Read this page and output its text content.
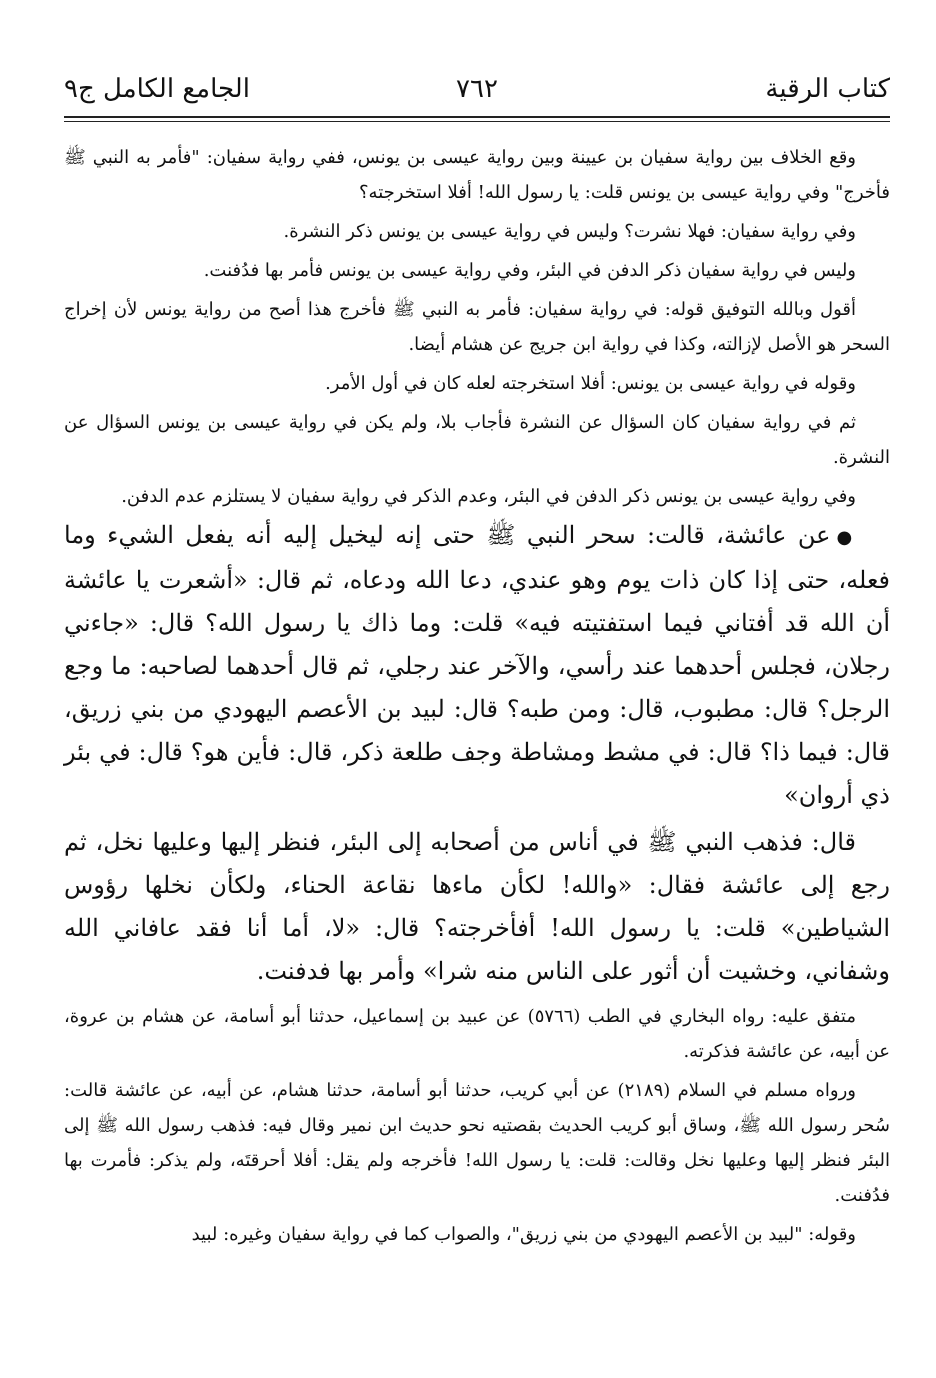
كتاب الرقية
٧٦٢
الجامع الكامل ج٩

وقع الخلاف بين رواية سفيان بن عيينة وبين رواية عيسى بن يونس، ففي رواية سفيان: "فأمر به النبي ﷺ فأخرج" وفي رواية عيسى بن يونس قلت: يا رسول الله! أفلا استخرجته؟

وفي رواية سفيان: فهلا نشرت؟ وليس في رواية عيسى بن يونس ذكر النشرة.

وليس في رواية سفيان ذكر الدفن في البئر، وفي رواية عيسى بن يونس فأمر بها فدُفنت.

أقول وبالله التوفيق قوله: في رواية سفيان: فأمر به النبي ﷺ فأخرج هذا أصح من رواية يونس لأن إخراج السحر هو الأصل لإزالته، وكذا في رواية ابن جريج عن هشام أيضا.

وقوله في رواية عيسى بن يونس: أفلا استخرجته لعله كان في أول الأمر.

ثم في رواية سفيان كان السؤال عن النشرة فأجاب بلا، ولم يكن في رواية عيسى بن يونس السؤال عن النشرة.

وفي رواية عيسى بن يونس ذكر الدفن في البئر، وعدم الذكر في رواية سفيان لا يستلزم عدم الدفن.

●عن عائشة، قالت: سحر النبي ﷺ حتى إنه ليخيل إليه أنه يفعل الشيء وما فعله، حتى إذا كان ذات يوم وهو عندي، دعا الله ودعاه، ثم قال: «أشعرت يا عائشة أن الله قد أفتاني فيما استفتيته فيه» قلت: وما ذاك يا رسول الله؟ قال: «جاءني رجلان، فجلس أحدهما عند رأسي، والآخر عند رجلي، ثم قال أحدهما لصاحبه: ما وجع الرجل؟ قال: مطبوب، قال: ومن طبه؟ قال: لبيد بن الأعصم اليهودي من بني زريق، قال: فيما ذا؟ قال: في مشط ومشاطة وجف طلعة ذكر، قال: فأين هو؟ قال: في بئر ذي أروان»

قال: فذهب النبي ﷺ في أناس من أصحابه إلى البئر، فنظر إليها وعليها نخل، ثم رجع إلى عائشة فقال: «والله! لكأن ماءها نقاعة الحناء، ولكأن نخلها رؤوس الشياطين» قلت: يا رسول الله! أفأخرجته؟ قال: «لا، أما أنا فقد عافاني الله وشفاني، وخشيت أن أثور على الناس منه شرا» وأمر بها فدفنت.

متفق عليه: رواه البخاري في الطب (٥٧٦٦) عن عبيد بن إسماعيل، حدثنا أبو أسامة، عن هشام بن عروة، عن أبيه، عن عائشة فذكرته.

ورواه مسلم في السلام (٢١٨٩) عن أبي كريب، حدثنا أبو أسامة، حدثنا هشام، عن أبيه، عن عائشة قالت: سُحر رسول الله ﷺ، وساق أبو كريب الحديث بقصتيه نحو حديث ابن نمير وقال فيه: فذهب رسول الله ﷺ إلى البئر فنظر إليها وعليها نخل وقالت: قلت: يا رسول الله! فأخرجه ولم يقل: أفلا أحرقتَه، ولم يذكر: فأمرت بها فدُفنت.

وقوله: "لبيد بن الأعصم اليهودي من بني زريق"، والصواب كما في رواية سفيان وغيره: لبيد
